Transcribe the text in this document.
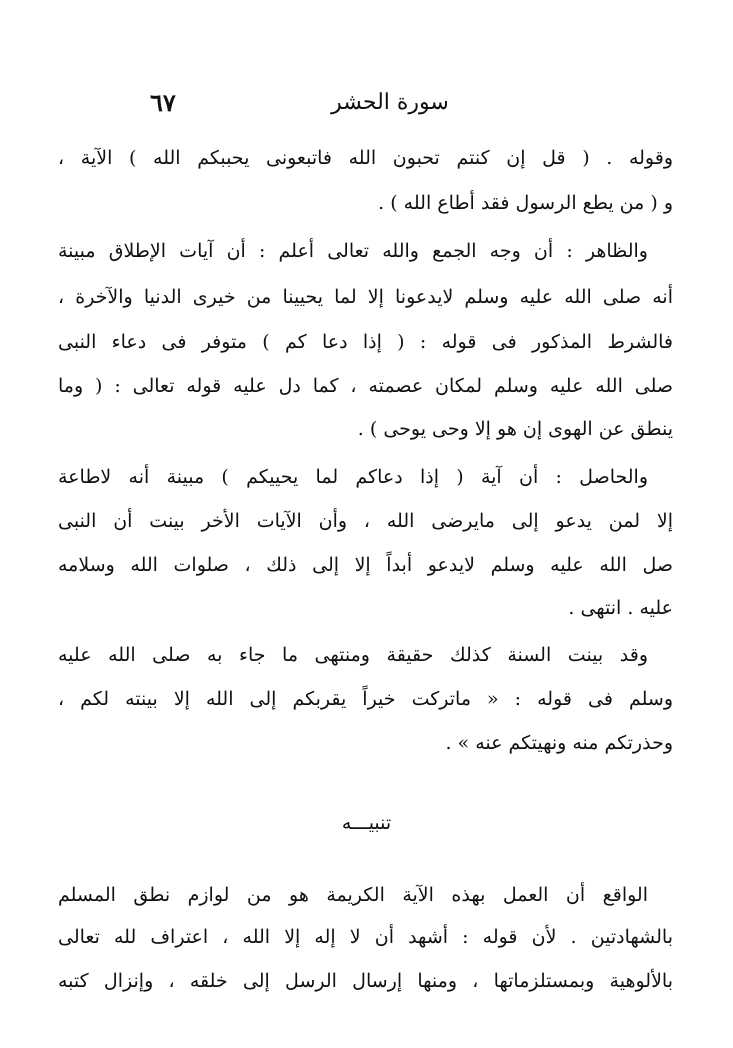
٦٧	سورة الحشر
وقوله . ( قل إن كنتم تحبون الله فاتبعونى يحببكم الله ) الآية ،
و ( من يطع الرسول فقد أطاع الله ) .
والظاهر : أن وجه الجمع والله تعالى أعلم : أن آيات الإطلاق مبينة
أنه صلى الله عليه وسلم لايدعونا إلا لما يحيينا من خيرى الدنيا والآخرة ،
فالشرط المذكور فى قوله : ( إذا دعا كم ) متوفر فى دعاء النبى
صلى الله عليه وسلم لمكان عصمته ، كما دل عليه قوله تعالى : ( وما
ينطق عن الهوى إن هو إلا وحى يوحى ) .
والحاصل : أن آية ( إذا دعاكم لما يحييكم ) مبينة أنه لاطاعة
إلا لمن يدعو إلى مايرضى الله ، وأن الآيات الأخر بينت أن النبى
صل الله عليه وسلم لايدعو أبداً إلا إلى ذلك ، صلوات الله وسلامه
عليه . انتهى .
وقد بينت السنة كذلك حقيقة ومنتهى ما جاء به صلى الله عليه
وسلم فى قوله : « ماتركت خيراً يقربكم إلى الله إلا بينته لكم ،
وحذرتكم منه ونهيتكم عنه » .
تنبيـــه
الواقع أن العمل بهذه الآية الكريمة هو من لوازم نطق المسلم
بالشهادتين . لأن قوله : أشهد أن لا إله إلا الله ، اعتراف لله تعالى
بالألوهية وبمستلزماتها ، ومنها إرسال الرسل إلى خلقه ، وإنزال كتبه
